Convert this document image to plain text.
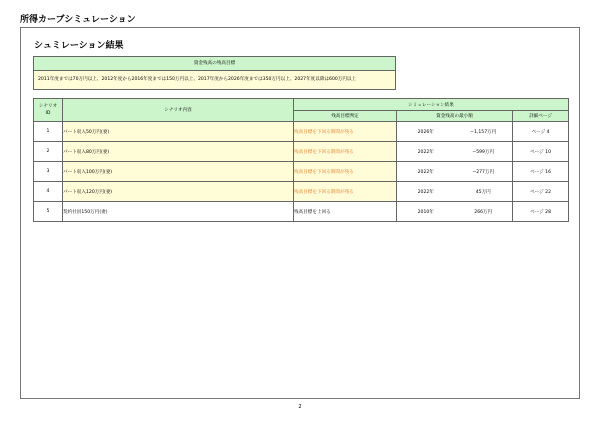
所得カーブシミュレーション
シュミレーション結果
資金残高の残高目標
2011年度までは70万円以上、2012年度から2016年度までは150万円以上、2017年度から2026年度までは350万円以上、2027年度以降は600万円以上
シナリオ
ID	シナリオ内容	シミュレーション結果		
		残高目標判定	資金残高の最小額	詳細ページ
1	パート収入50万円(妻)	残高目標を下回る期間が残る	2026年 −1,157万円	ページ 4
2	パート収入80万円(妻)	残高目標を下回る期間が残る	2022年 −599万円	ページ 10
3	パート収入100万円(妻)	残高目標を下回る期間が残る	2022年 −277万円	ページ 16
4	パート収入120万円(妻)	残高目標を下回る期間が残る	2022年 45万円	ページ 22
5	契約社員150万円(妻)	残高目標を上回る	2010年 266万円	ページ 28
2
